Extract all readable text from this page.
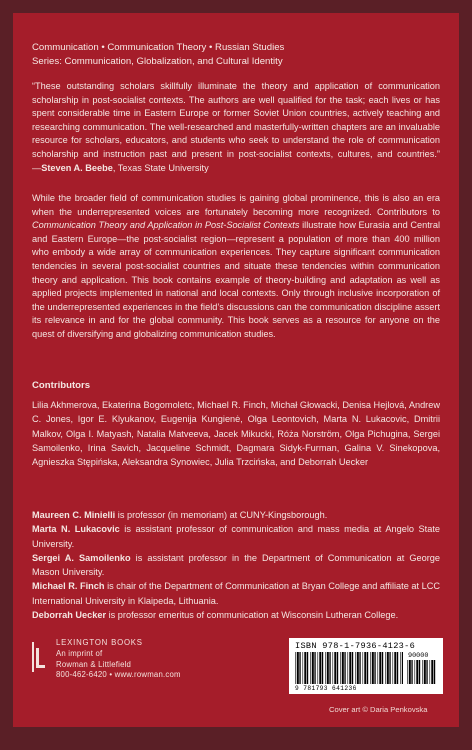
Communication • Communication Theory • Russian Studies
Series: Communication, Globalization, and Cultural Identity
“These outstanding scholars skillfully illuminate the theory and application of communication scholarship in post-socialist contexts. The authors are well qualified for the task; each lives or has spent considerable time in Eastern Europe or former Soviet Union countries, actively teaching and researching communication. The well-researched and masterfully-written chapters are an invaluable resource for scholars, educators, and students who seek to understand the role of communication scholarship and instruction past and present in post-socialist contexts, cultures, and countries.” —Steven A. Beebe, Texas State University
While the broader field of communication studies is gaining global prominence, this is also an era when the underrepresented voices are fortunately becoming more recognized. Contributors to Communication Theory and Application in Post-Socialist Contexts illustrate how Eurasia and Central and Eastern Europe—the post-socialist region—represent a population of more than 400 million who embody a wide array of communication experiences. They capture significant communication tendencies in several post-socialist countries and situate these tendencies within communication theory and application. This book contains example of theory-building and adaptation as well as applied projects implemented in national and local contexts. Only through inclusive incorporation of the underrepresented experiences in the field’s discussions can the communication discipline assert its relevance in and for the global community. This book serves as a resource for anyone on the quest of diversifying and globalizing communication studies.
Contributors
Lilia Akhmerova, Ekaterina Bogomoletc, Michael R. Finch, Michał Głowacki, Denisa Hejlová, Andrew C. Jones, Igor E. Klyukanov, Eugenija Kungienė, Olga Leontovich, Marta N. Lukacovic, Dmitrii Malkov, Olga I. Matyash, Natalia Matveeva, Jacek Mikucki, Róża Norström, Olga Pichugina, Sergei Samoilenko, Irina Savich, Jacqueline Schmidt, Dagmara Sidyk-Furman, Galina V. Sinekopova, Agnieszka Stępińska, Aleksandra Synowiec, Julia Trzcińska, and Deborrah Uecker

Maureen C. Minielli is professor (in memoriam) at CUNY-Kingsborough.

Marta N. Lukacovic is assistant professor of communication and mass media at Angelo State University.

Sergei A. Samoilenko is assistant professor in the Department of Communication at George Mason University.

Michael R. Finch is chair of the Department of Communication at Bryan College and affiliate at LCC International University in Klaipeda, Lithuania.

Deborrah Uecker is professor emeritus of communication at Wisconsin Lutheran College.

LEXINGTON BOOKS
An imprint of
Rowman & Littlefield
800-462-6420 • www.rowman.com
ISBN 978-1-7936-4123-6
90000
9 781793 641236
Cover art © Daria Penkovska
